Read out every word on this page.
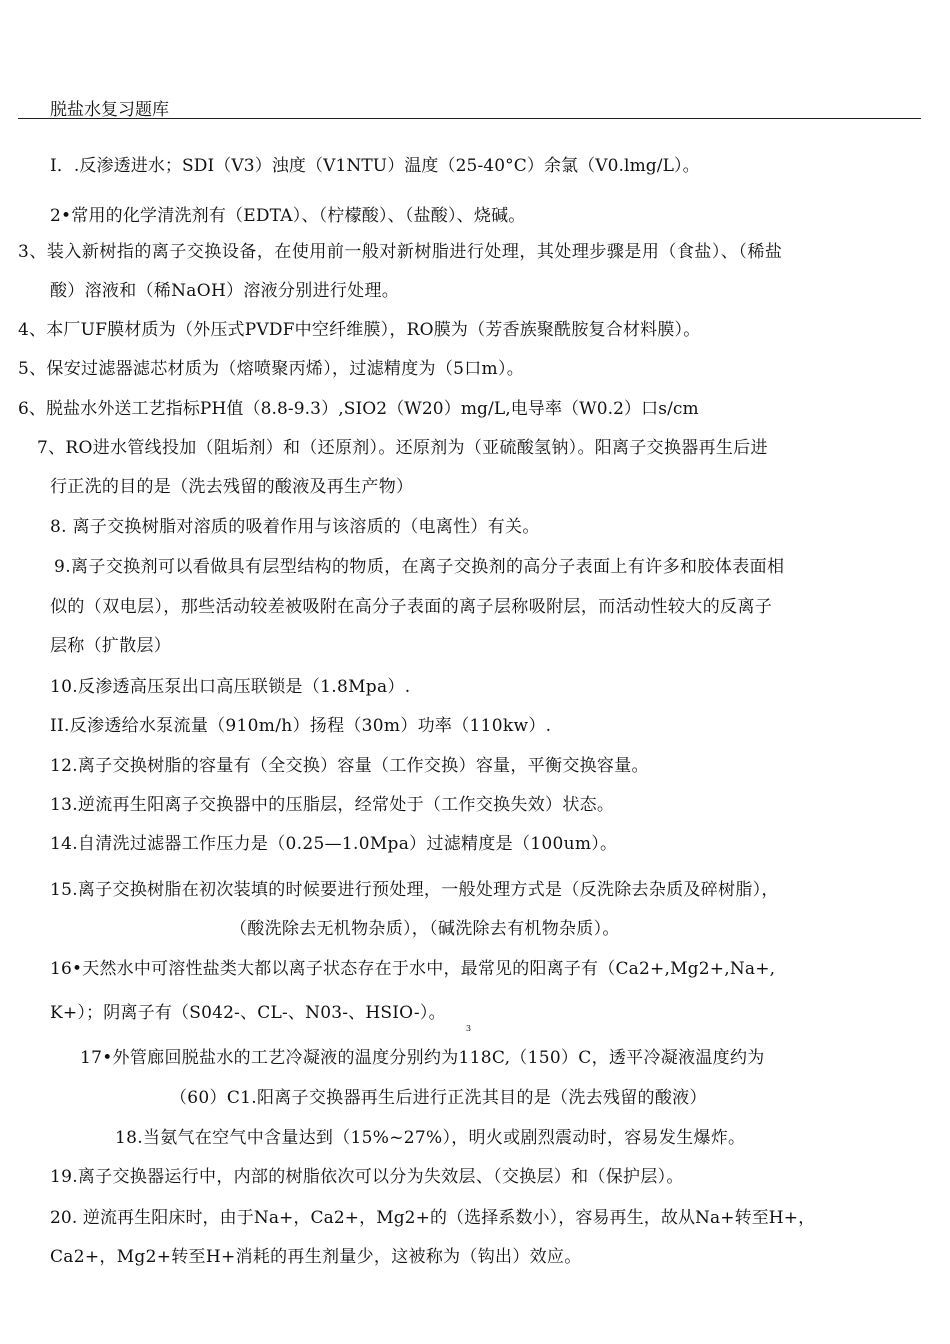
脱盐水复习题库
I．.反渗透进水；SDI（V3）浊度（V1NTU）温度（25-40°C）余氯（V0.lmg/L）。
2•常用的化学清洗剂有（EDTA）、（柠檬酸）、（盐酸）、烧碱。
3、装入新树指的离子交换设备，在使用前一般对新树脂进行处理，其处理步骤是用（食盐）、（稀盐
酸）溶液和（稀NaOH）溶液分别进行处理。
4、本厂UF膜材质为（外压式PVDF中空纤维膜），RO膜为（芳香族聚酰胺复合材料膜）。
5、保安过滤器滤芯材质为（熔喷聚丙烯），过滤精度为（5口m）。
6、脱盐水外送工艺指标PH值（8.8-9.3）,SIO2（W20）mg/L,电导率（W0.2）口s/cm
7、RO进水管线投加（阻垢剂）和（还原剂）。还原剂为（亚硫酸氢钠）。阳离子交换器再生后进
行正洗的目的是（洗去残留的酸液及再生产物）
8. 离子交换树脂对溶质的吸着作用与该溶质的（电离性）有关。
9.离子交换剂可以看做具有层型结构的物质，在离子交换剂的高分子表面上有许多和胶体表面相
似的（双电层），那些活动较差被吸附在高分子表面的离子层称吸附层，而活动性较大的反离子
层称（扩散层）
10.反渗透高压泵出口高压联锁是（1.8Mpa）.
II.反渗透给水泵流量（910m/h）扬程（30m）功率（110kw）.
12.离子交换树脂的容量有（全交换）容量（工作交换）容量，平衡交换容量。
13.逆流再生阳离子交换器中的压脂层，经常处于（工作交换失效）状态。
14.自清洗过滤器工作压力是（0.25—1.0Mpa）过滤精度是（100um）。
15.离子交换树脂在初次装填的时候要进行预处理，一般处理方式是（反洗除去杂质及碎树脂），
（酸洗除去无机物杂质），（碱洗除去有机物杂质）。
16•天然水中可溶性盐类大都以离子状态存在于水中，最常见的阳离子有（Ca2+,Mg2+,Na+,
K+）；阴离子有（S042-、CL-、N03-、HSIO-）。
17•外管廊回脱盐水的工艺冷凝液的温度分别约为118C,（150）C，透平冷凝液温度约为
（60）C1.阳离子交换器再生后进行正洗其目的是（洗去残留的酸液）
18.当氨气在空气中含量达到（15%~27%），明火或剧烈震动时，容易发生爆炸。
19.离子交换器运行中，内部的树脂依次可以分为失效层、（交换层）和（保护层）。
20. 逆流再生阳床时，由于Na+，Ca2+，Mg2+的（选择系数小），容易再生，故从Na+转至H+，
Ca2+，Mg2+转至H+消耗的再生剂量少，这被称为（钩出）效应。
3
